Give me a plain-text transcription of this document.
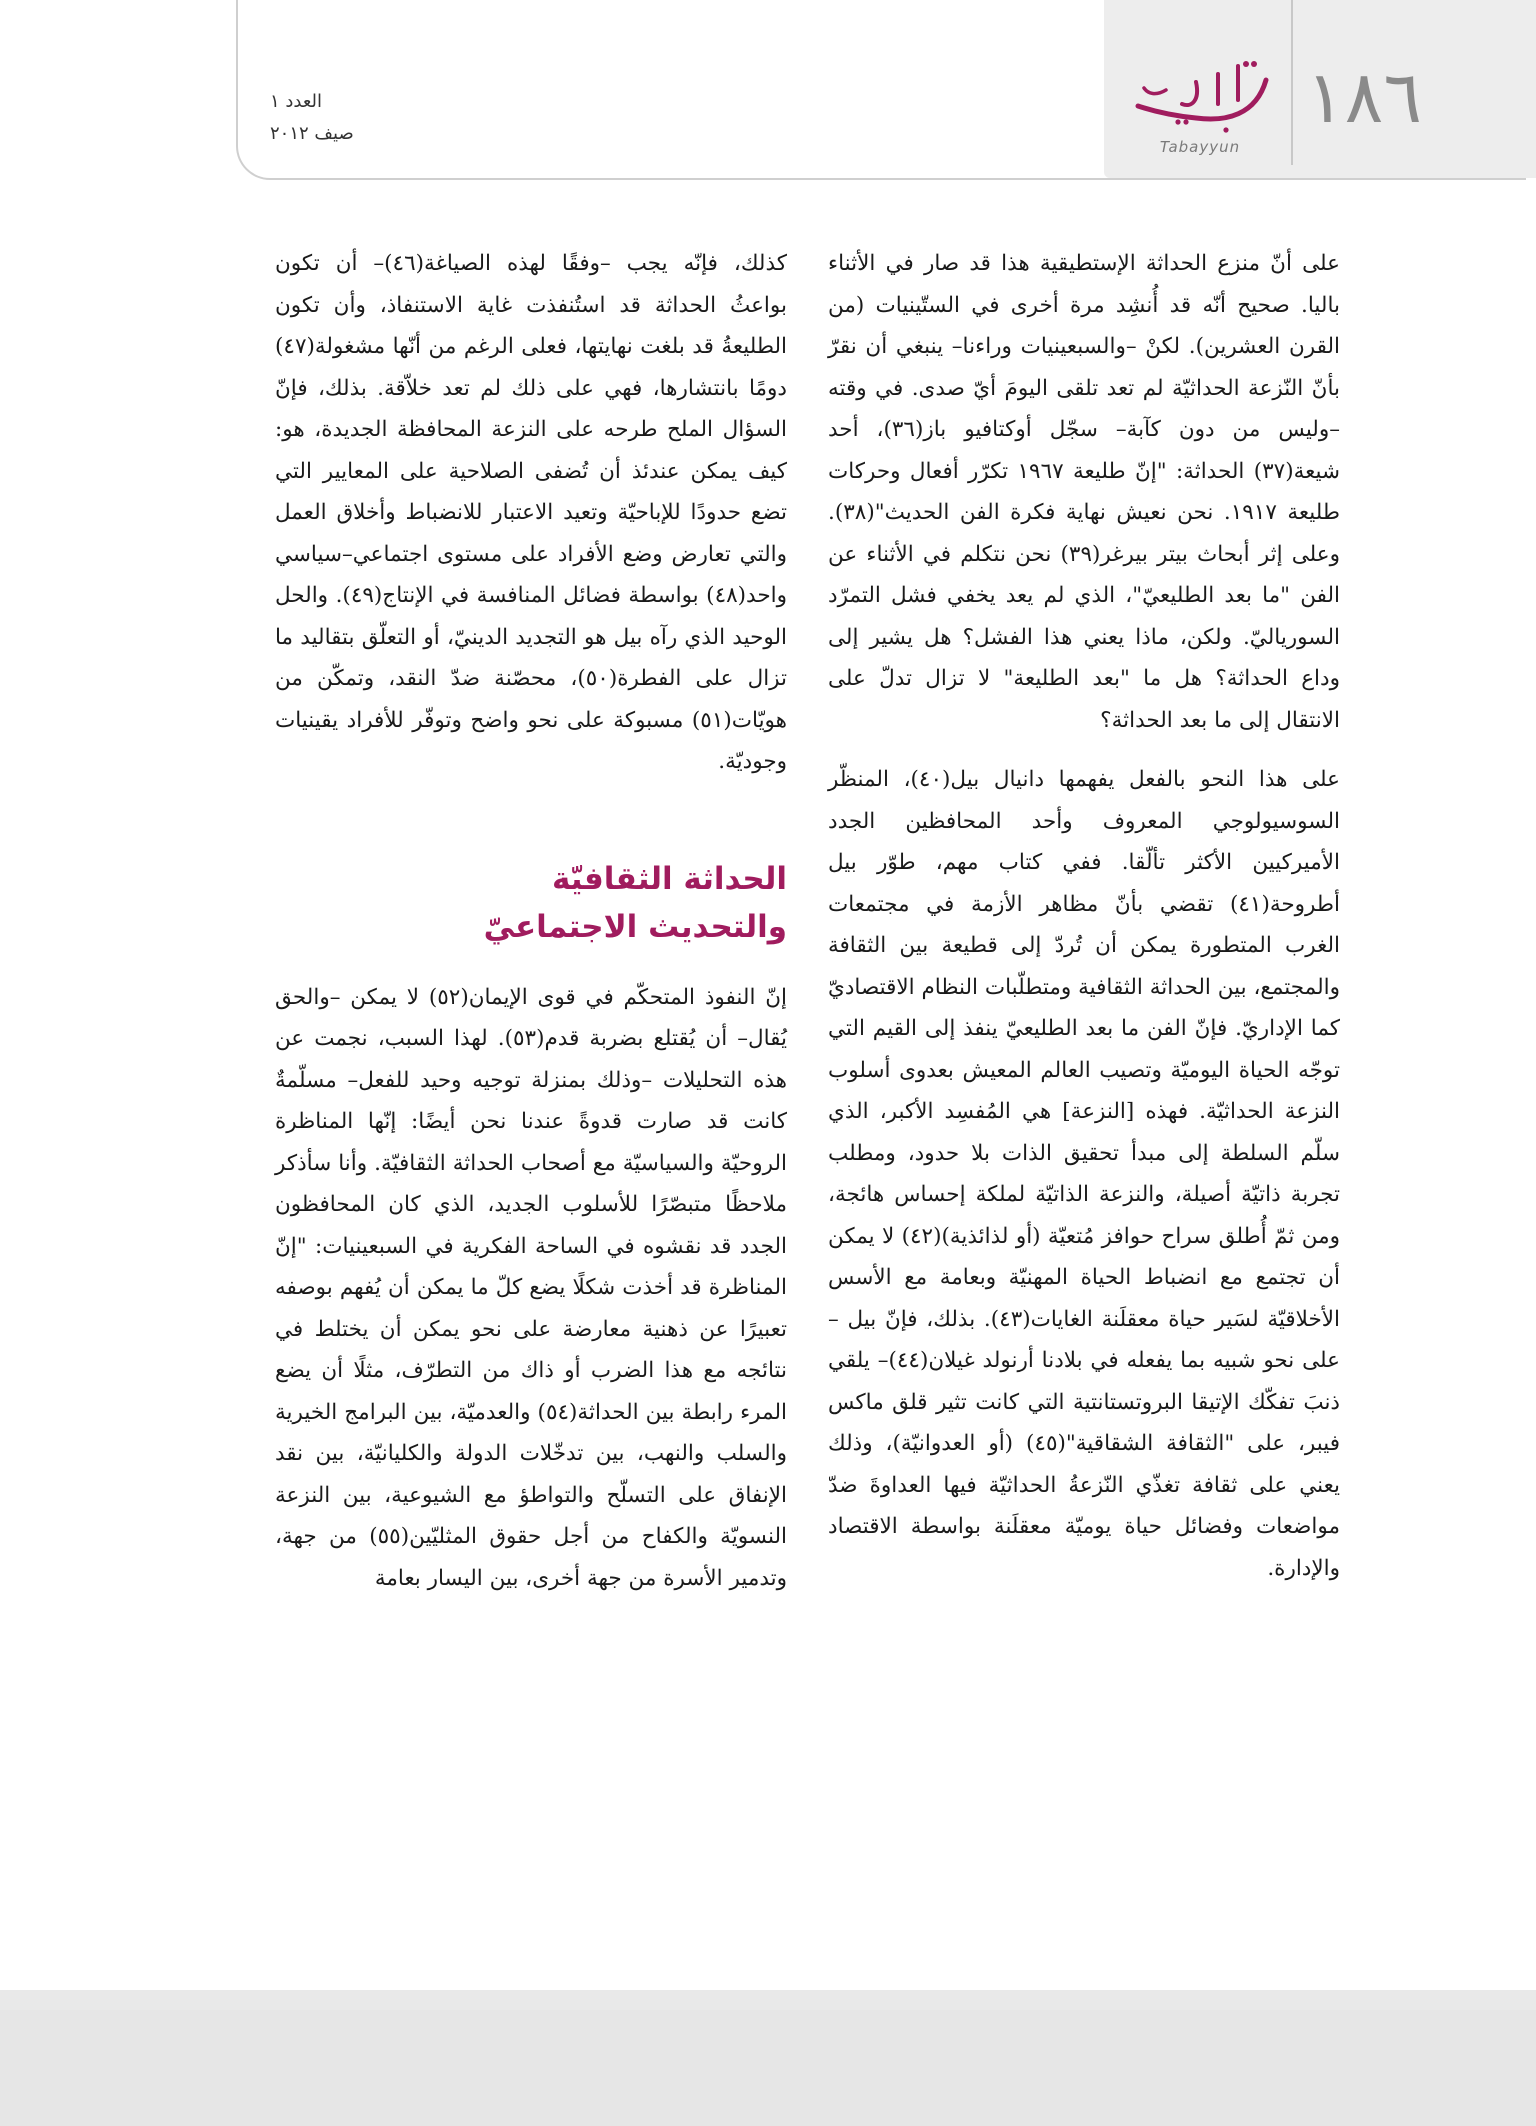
١٨٦
Tabayyun
العدد ١
صيف ٢٠١٢

على أنّ منزع الحداثة الإستطيقية هذا قد صار في الأثناء باليا. صحيح أنّه قد أُنشِد مرة أخرى في الستّينيات (من القرن العشرين). لكنْ –والسبعينيات وراءنا– ينبغي أن نقرّ بأنّ النّزعة الحداثيّة لم تعد تلقى اليومَ أيّ صدى. في وقته –وليس من دون كآبة– سجّل أوكتافيو باز(٣٦)، أحد شيعة(٣٧) الحداثة: "إنّ طليعة ١٩٦٧ تكرّر أفعال وحركات طليعة ١٩١٧. نحن نعيش نهاية فكرة الفن الحديث"(٣٨). وعلى إثر أبحاث بيتر بيرغر(٣٩) نحن نتكلم في الأثناء عن الفن "ما بعد الطليعيّ"، الذي لم يعد يخفي فشل التمرّد السورياليّ. ولكن، ماذا يعني هذا الفشل؟ هل يشير إلى وداع الحداثة؟ هل ما "بعد الطليعة" لا تزال تدلّ على الانتقال إلى ما بعد الحداثة؟

على هذا النحو بالفعل يفهمها دانيال بيل(٤٠)، المنظّر السوسيولوجي المعروف وأحد المحافظين الجدد الأميركيين الأكثر تألّقا. ففي كتاب مهم، طوّر بيل أطروحة(٤١) تقضي بأنّ مظاهر الأزمة في مجتمعات الغرب المتطورة يمكن أن تُردّ إلى قطيعة بين الثقافة والمجتمع، بين الحداثة الثقافية ومتطلّبات النظام الاقتصاديّ كما الإداريّ. فإنّ الفن ما بعد الطليعيّ ينفذ إلى القيم التي توجّه الحياة اليوميّة وتصيب العالم المعيش بعدوى أسلوب النزعة الحداثيّة. فهذه [النزعة] هي المُفسِد الأكبر، الذي سلّم السلطة إلى مبدأ تحقيق الذات بلا حدود، ومطلب تجربة ذاتيّة أصيلة، والنزعة الذاتيّة لملكة إحساس هائجة، ومن ثمّ أُطلق سراح حوافز مُتعيّة (أو لذائذية)(٤٢) لا يمكن أن تجتمع مع انضباط الحياة المهنيّة وبعامة مع الأسس الأخلاقيّة لسَير حياة معقلَنة الغايات(٤٣). بذلك، فإنّ بيل –على نحو شبيه بما يفعله في بلادنا أرنولد غيلان(٤٤)– يلقي ذنبَ تفكّك الإتيقا البروتستانتية التي كانت تثير قلق ماكس فيبر، على "الثقافة الشقاقية"(٤٥) (أو العدوانيّة)، وذلك يعني على ثقافة تغذّي النّزعةُ الحداثيّة فيها العداوةَ ضدّ مواضعات وفضائل حياة يوميّة معقلَنة بواسطة الاقتصاد والإدارة.

كذلك، فإنّه يجب –وفقًا لهذه الصياغة(٤٦)– أن تكون بواعثُ الحداثة قد استُنفذت غاية الاستنفاذ، وأن تكون الطليعةُ قد بلغت نهايتها، فعلى الرغم من أنّها مشغولة(٤٧) دومًا بانتشارها، فهي على ذلك لم تعد خلاّقة. بذلك، فإنّ السؤال الملح طرحه على النزعة المحافظة الجديدة، هو: كيف يمكن عندئذ أن تُضفى الصلاحية على المعايير التي تضع حدودًا للإباحيّة وتعيد الاعتبار للانضباط وأخلاق العمل والتي تعارض وضع الأفراد على مستوى اجتماعي–سياسي واحد(٤٨) بواسطة فضائل المنافسة في الإنتاج(٤٩). والحل الوحيد الذي رآه بيل هو التجديد الدينيّ، أو التعلّق بتقاليد ما تزال على الفطرة(٥٠)، محصّنة ضدّ النقد، وتمكّن من هويّات(٥١) مسبوكة على نحو واضح وتوفّر للأفراد يقينيات وجوديّة.

الحداثة الثقافيّة
والتحديث الاجتماعيّ

إنّ النفوذ المتحكّم في قوى الإيمان(٥٢) لا يمكن –والحق يُقال– أن يُقتلع بضربة قدم(٥٣). لهذا السبب، نجمت عن هذه التحليلات –وذلك بمنزلة توجيه وحيد للفعل– مسلّمةٌ كانت قد صارت قدوةً عندنا نحن أيضًا: إنّها المناظرة الروحيّة والسياسيّة مع أصحاب الحداثة الثقافيّة. وأنا سأذكر ملاحظًا متبصّرًا للأسلوب الجديد، الذي كان المحافظون الجدد قد نقشوه في الساحة الفكرية في السبعينيات: "إنّ المناظرة قد أخذت شكلًا يضع كلّ ما يمكن أن يُفهم بوصفه تعبيرًا عن ذهنية معارضة على نحو يمكن أن يختلط في نتائجه مع هذا الضرب أو ذاك من التطرّف، مثلًا أن يضع المرء رابطة بين الحداثة(٥٤) والعدميّة، بين البرامج الخيرية والسلب والنهب، بين تدخّلات الدولة والكليانيّة، بين نقد الإنفاق على التسلّح والتواطؤ مع الشيوعية، بين النزعة النسويّة والكفاح من أجل حقوق المثليّين(٥٥) من جهة، وتدمير الأسرة من جهة أخرى، بين اليسار بعامة
